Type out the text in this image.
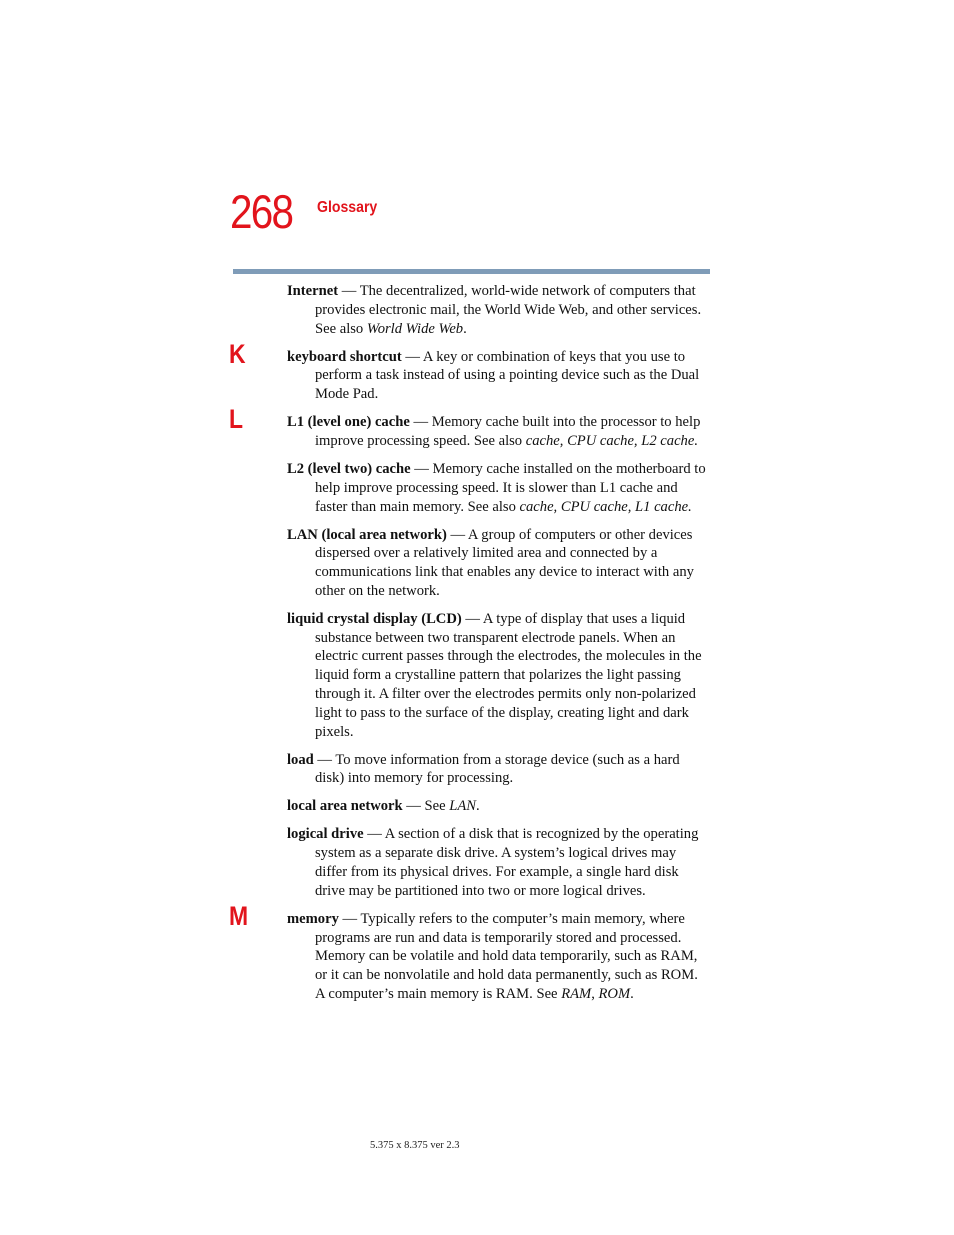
268 Glossary

Internet — The decentralized, world-wide network of computers that provides electronic mail, the World Wide Web, and other services. See also World Wide Web.

K	keyboard shortcut — A key or combination of keys that you use to perform a task instead of using a pointing device such as the Dual Mode Pad.

L	L1 (level one) cache — Memory cache built into the processor to help improve processing speed. See also cache, CPU cache, L2 cache.

L2 (level two) cache — Memory cache installed on the motherboard to help improve processing speed. It is slower than L1 cache and faster than main memory. See also cache, CPU cache, L1 cache.

LAN (local area network) — A group of computers or other devices dispersed over a relatively limited area and connected by a communications link that enables any device to interact with any other on the network.

liquid crystal display (LCD) — A type of display that uses a liquid substance between two transparent electrode panels. When an electric current passes through the electrodes, the molecules in the liquid form a crystalline pattern that polarizes the light passing through it. A filter over the electrodes permits only non-polarized light to pass to the surface of the display, creating light and dark pixels.

load — To move information from a storage device (such as a hard disk) into memory for processing.

local area network — See LAN.

logical drive — A section of a disk that is recognized by the operating system as a separate disk drive. A system’s logical drives may differ from its physical drives. For example, a single hard disk drive may be partitioned into two or more logical drives.

M	memory — Typically refers to the computer’s main memory, where programs are run and data is temporarily stored and processed. Memory can be volatile and hold data temporarily, such as RAM, or it can be nonvolatile and hold data permanently, such as ROM. A computer’s main memory is RAM. See RAM, ROM.

5.375 x 8.375 ver 2.3
